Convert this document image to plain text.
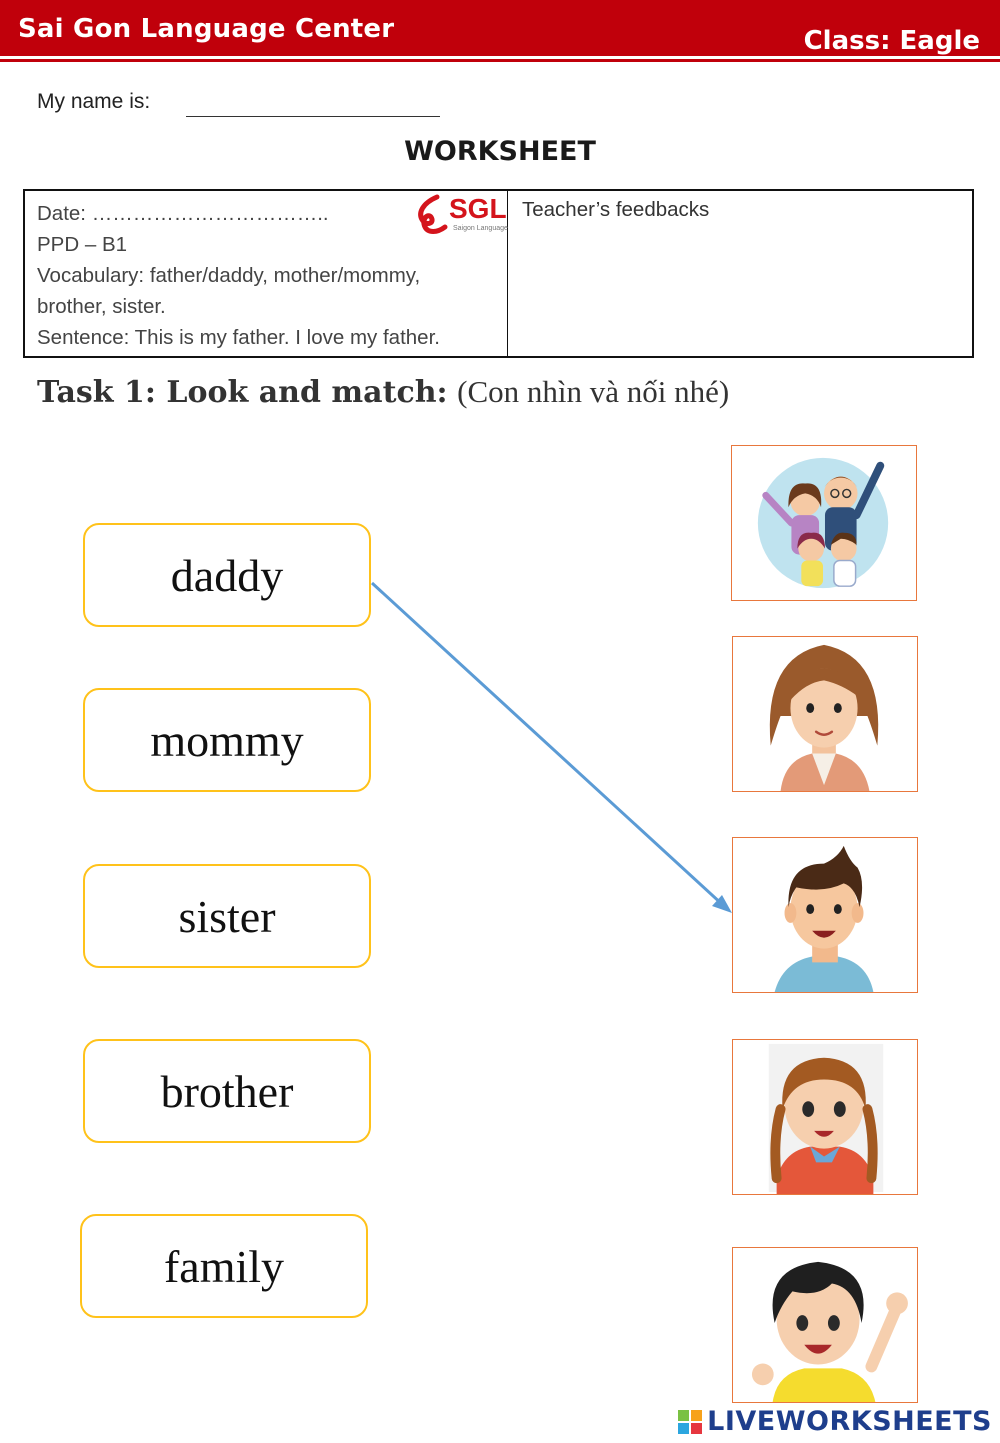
Sai Gon Language Center	Class: Eagle
My name is:
WORKSHEET
Date: ……………………………..
PPD – B1
Vocabulary: father/daddy, mother/mommy,
brother, sister.
Sentence: This is my father. I love my father.
SGL
Saigon Language
Teacher’s feedbacks
Task 1: Look and match: (Con nhìn và nối nhé)
daddy
mommy
sister
brother
family
LIVEWORKSHEETS
